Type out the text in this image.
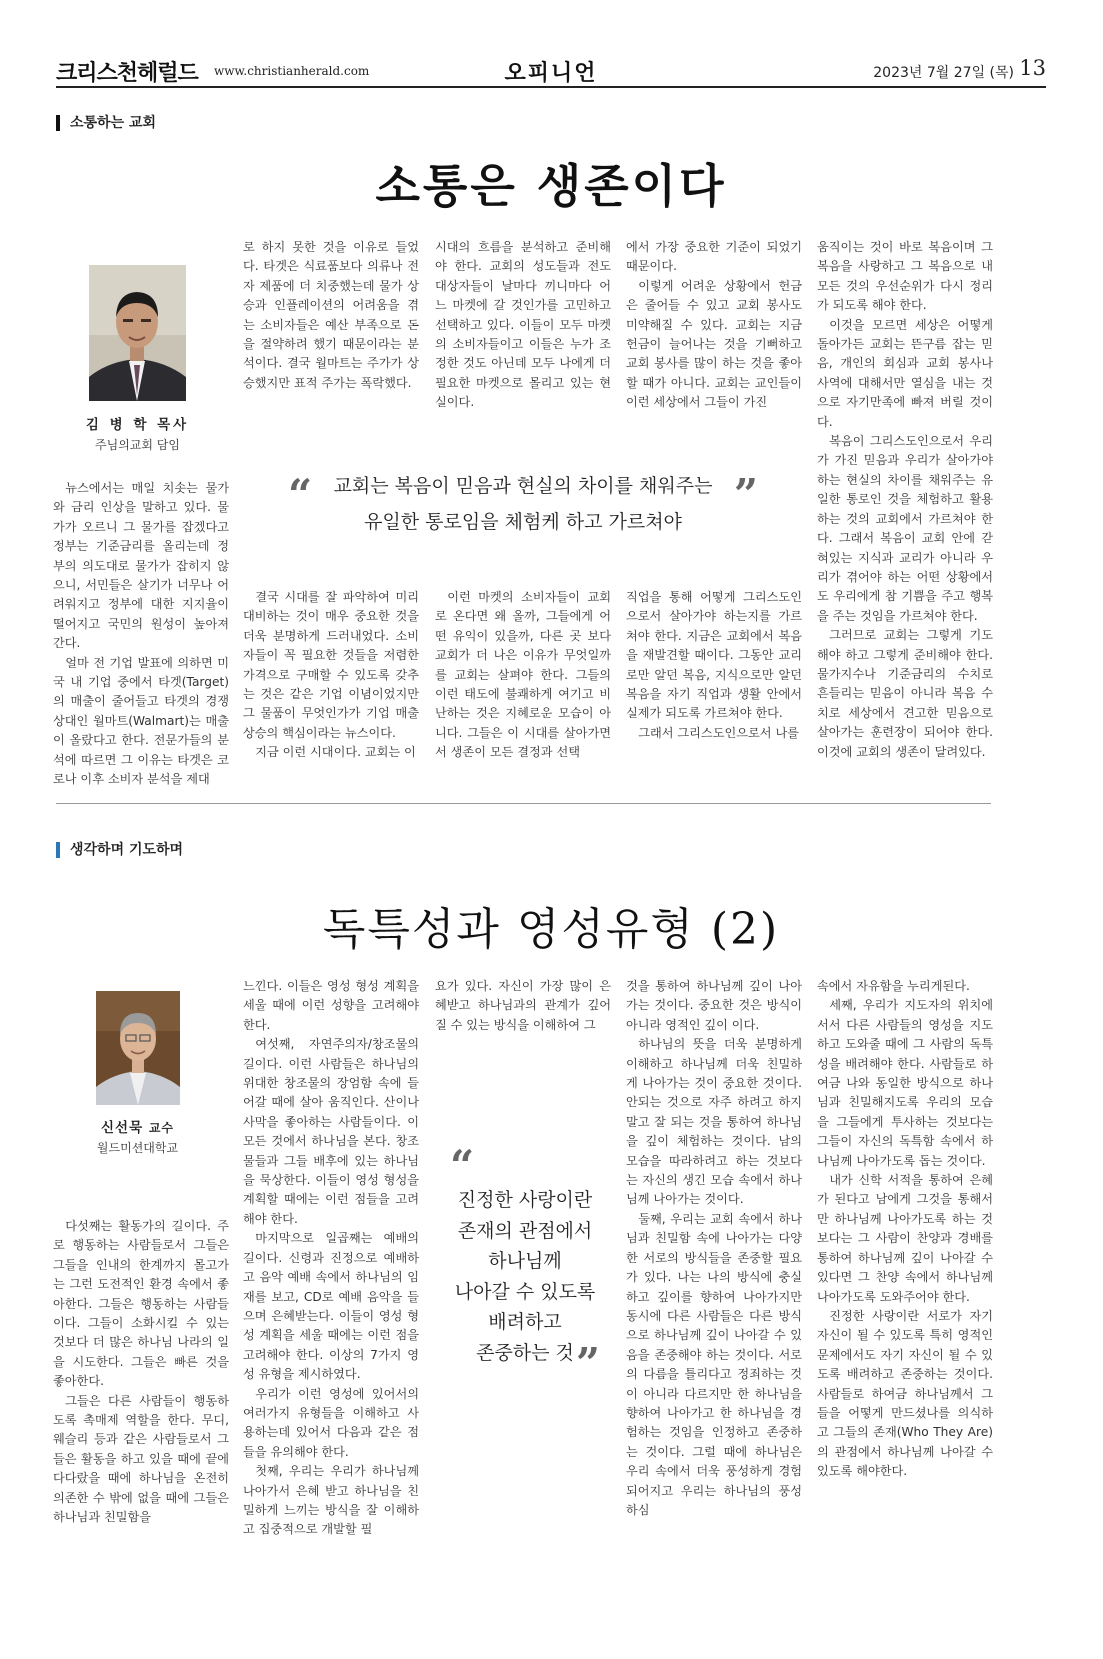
크리스천헤럴드 www.christianherald.com	오피니언	2023년 7월 27일 (목) 13
소통하는 교회
소통은 생존이다
김 병 학 목사
주님의교회 담임

뉴스에서는 매일 치솟는 물가와 금리 인상을 말하고 있다. 물가가 오르니 그 물가를 잡겠다고 정부는 기준금리를 올리는데 정부의 의도대로 물가가 잡히지 않으니, 서민들은 살기가 너무나 어려워지고 정부에 대한 지지율이 떨어지고 국민의 원성이 높아져 간다.

얼마 전 기업 발표에 의하면 미국 내 기업 중에서 타겟(Target)의 매출이 줄어들고 타겟의 경쟁상대인 월마트(Walmart)는 매출이 올랐다고 한다. 전문가들의 분석에 따르면 그 이유는 타겟은 코로나 이후 소비자 분석을 제대

로 하지 못한 것을 이유로 들었다. 타겟은 식료품보다 의류나 전자 제품에 더 치중했는데 물가 상승과 인플레이션의 어려움을 겪는 소비자들은 예산 부족으로 돈을 절약하려 했기 때문이라는 분석이다. 결국 월마트는 주가가 상승했지만 표적 주가는 폭락했다.

결국 시대를 잘 파악하여 미리 대비하는 것이 매우 중요한 것을 더욱 분명하게 드러내었다. 소비자들이 꼭 필요한 것들을 저렴한 가격으로 구매할 수 있도록 갖추는 것은 같은 기업 이념이었지만 그 물품이 무엇인가가 기업 매출 상승의 핵심이라는 뉴스이다.

지금 이런 시대이다. 교회는 이

시대의 흐름을 분석하고 준비해야 한다. 교회의 성도들과 전도 대상자들이 날마다 끼니마다 어느 마켓에 갈 것인가를 고민하고 선택하고 있다. 이들이 모두 마켓의 소비자들이고 이들은 누가 조정한 것도 아닌데 모두 나에게 더 필요한 마켓으로 몰리고 있는 현실이다.

이런 마켓의 소비자들이 교회로 온다면 왜 올까, 그들에게 어떤 유익이 있을까, 다른 곳 보다 교회가 더 나은 이유가 무엇일까를 교회는 살펴야 한다. 그들의 이런 태도에 불쾌하게 여기고 비난하는 것은 지혜로운 모습이 아니다. 그들은 이 시대를 살아가면서 생존이 모든 결정과 선택

에서 가장 중요한 기준이 되었기 때문이다.

이렇게 어려운 상황에서 헌금은 줄어들 수 있고 교회 봉사도 미약해질 수 있다. 교회는 지금 헌금이 늘어나는 것을 기뻐하고 교회 봉사를 많이 하는 것을 좋아할 때가 아니다. 교회는 교인들이 이런 세상에서 그들이 가진

직업을 통해 어떻게 그리스도인으로서 살아가야 하는지를 가르쳐야 한다. 지금은 교회에서 복음을 재발견할 때이다. 그동안 교리로만 알던 복음, 지식으로만 알던 복음을 자기 직업과 생활 안에서 실제가 되도록 가르쳐야 한다.

그래서 그리스도인으로서 나를

움직이는 것이 바로 복음이며 그 복음을 사랑하고 그 복음으로 내 모든 것의 우선순위가 다시 정리가 되도록 해야 한다.

이것을 모르면 세상은 어떻게 돌아가든 교회는 뜬구름 잡는 믿음, 개인의 회심과 교회 봉사나 사역에 대해서만 열심을 내는 것으로 자기만족에 빠져 버릴 것이다.

복음이 그리스도인으로서 우리가 가진 믿음과 우리가 살아가야 하는 현실의 차이를 채워주는 유일한 통로인 것을 체험하고 활용하는 것의 교회에서 가르쳐야 한다. 그래서 복음이 교회 안에 갇혀있는 지식과 교리가 아니라 우리가 겪어야 하는 어떤 상황에서도 우리에게 참 기쁨을 주고 행복을 주는 것임을 가르쳐야 한다.

그러므로 교회는 그렇게 기도해야 하고 그렇게 준비해야 한다. 물가지수나 기준금리의 수치로 흔들리는 믿음이 아니라 복음 수치로 세상에서 견고한 믿음으로 살아가는 훈련장이 되어야 한다. 이것에 교회의 생존이 달려있다.

“	교회는 복음이 믿음과 현실의 차이를 채워주는
유일한 통로임을 체험케 하고 가르쳐야
”
생각하며 기도하며
독특성과 영성유형 (2)
신선묵 교수
월드미션대학교

다섯째는 활동가의 길이다. 주로 행동하는 사람들로서 그들은 그들을 인내의 한계까지 몰고가는 그런 도전적인 환경 속에서 좋아한다. 그들은 행동하는 사람들이다. 그들이 소화시킬 수 있는 것보다 더 많은 하나님 나라의 일을 시도한다. 그들은 빠른 것을 좋아한다.

그들은 다른 사람들이 행동하도록 촉매제 역할을 한다. 무디, 웨슬리 등과 같은 사람들로서 그들은 활동을 하고 있을 때에 끝에 다다랐을 때에 하나님을 온전히 의존한 수 밖에 없을 때에 그들은 하나님과 친밀함을

느낀다. 이들은 영성 형성 계획을 세울 때에 이런 성향을 고려해야한다.

여섯째, 자연주의자/창조물의 길이다. 이런 사람들은 하나님의 위대한 창조물의 장엄함 속에 들어갈 때에 살아 움직인다. 산이나 사막을 좋아하는 사람들이다. 이 모든 것에서 하나님을 본다. 창조물들과 그들 배후에 있는 하나님을 묵상한다. 이들이 영성 형성을 계획할 때에는 이런 점들을 고려해야 한다.

마지막으로 일곱째는 예배의 길이다. 신령과 진정으로 예배하고 음악 예배 속에서 하나님의 임재를 보고, CD로 예배 음악을 들으며 은혜받는다. 이들이 영성 형성 계획을 세울 때에는 이런 점을 고려해야 한다. 이상의 7가지 영성 유형을 제시하였다.

우리가 이런 영성에 있어서의 여러가지 유형들을 이해하고 사용하는데 있어서 다음과 같은 점들을 유의해야 한다.

첫째, 우리는 우리가 하나님께 나아가서 은혜 받고 하나님을 친밀하게 느끼는 방식을 잘 이해하고 집중적으로 개발할 필

요가 있다. 자신이 가장 많이 은혜받고 하나님과의 관계가 깊어질 수 있는 방식을 이해하여 그
것을 통하여 하나님께 깊이 나아가는 것이다. 중요한 것은 방식이 아니라 영적인 깊이 이다.

하나님의 뜻을 더욱 분명하게 이해하고 하나님께 더욱 친밀하게 나아가는 것이 중요한 것이다. 안되는 것으로 자주 하려고 하지말고 잘 되는 것을 통하여 하나님을 깊이 체험하는 것이다. 남의 모습을 따라하려고 하는 것보다는 자신의 생긴 모습 속에서 하나님께 나아가는 것이다.

둘째, 우리는 교회 속에서 하나님과 친밀함 속에 나아가는 다양한 서로의 방식들을 존중할 필요가 있다. 나는 나의 방식에 충실하고 깊이를 향하여 나아가지만 동시에 다른 사람들은 다른 방식으로 하나님께 깊이 나아갈 수 있음을 존중해야 하는 것이다. 서로의 다름을 틀리다고 정죄하는 것이 아니라 다르지만 한 하나님을 향하여 나아가고 한 하나님을 경험하는 것임을 인정하고 존중하는 것이다. 그럴 때에 하나님은 우리 속에서 더욱 풍성하게 경험 되어지고 우리는 하나님의 풍성하심

속에서 자유함을 누리게된다.

세째, 우리가 지도자의 위치에 서서 다른 사람들의 영성을 지도하고 도와줄 때에 그 사람의 독특성을 배려해야 한다. 사람들로 하여금 나와 동일한 방식으로 하나님과 친밀해지도록 우리의 모습을 그들에게 투사하는 것보다는 그들이 자신의 독특함 속에서 하나님께 나아가도록 돕는 것이다.

내가 신학 서적을 통하여 은혜가 된다고 남에게 그것을 통해서만 하나님께 나아가도록 하는 것보다는 그 사람이 찬양과 경배를 통하여 하나님께 깊이 나아갈 수 있다면 그 찬양 속에서 하나님께 나아가도록 도와주어야 한다.

진정한 사랑이란 서로가 자기 자신이 될 수 있도록 특히 영적인 문제에서도 자기 자신이 될 수 있도록 배려하고 존중하는 것이다. 사람들로 하여금 하나님께서 그들을 어떻게 만드셨나를 의식하고 그들의 존재(Who They Are)의 관점에서 하나님께 나아갈 수 있도록 해야한다.

“
진정한 사랑이란
존재의 관점에서
하나님께
나아갈 수 있도록
배려하고
존중하는 것 ”
